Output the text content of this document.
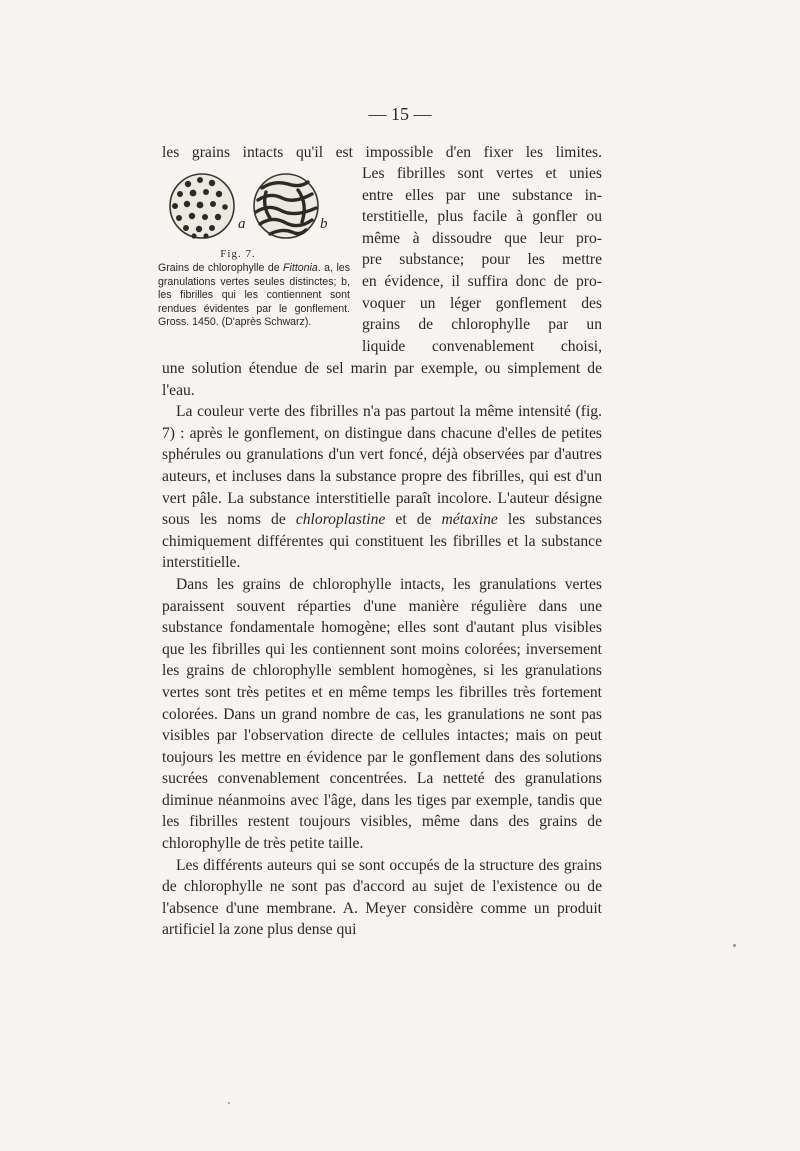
— 15 —
les grains intacts qu'il est impossible d'en fixer les limites.
a	b
Fig. 7.
Grains de chlorophylle de Fittonia. a, les granulations vertes seules distinctes; b, les fibrilles qui les contiennent sont rendues évidentes par le gonflement. Gross. 1450. (D'après Schwarz).
Les fibrilles sont vertes et unies
entre elles par une substance in-
terstitielle, plus facile à gonfler ou
même à dissoudre que leur pro-
pre substance; pour les mettre
en évidence, il suffira donc de pro-
voquer un léger gonflement des
grains de chlorophylle par un
liquide convenablement choisi,

une solution étendue de sel marin par exemple, ou simplement de l'eau.

La couleur verte des fibrilles n'a pas partout la même intensité (fig. 7) : après le gonflement, on distingue dans chacune d'elles de petites sphérules ou granulations d'un vert foncé, déjà observées par d'autres auteurs, et incluses dans la substance propre des fibrilles, qui est d'un vert pâle. La substance interstitielle paraît incolore. L'auteur désigne sous les noms de chloroplastine et de métaxine les substances chimiquement différentes qui constituent les fibrilles et la substance interstitielle.

Dans les grains de chlorophylle intacts, les granulations vertes paraissent souvent réparties d'une manière régulière dans une substance fondamentale homogène; elles sont d'autant plus visibles que les fibrilles qui les contiennent sont moins colorées; inversement les grains de chlorophylle semblent homogènes, si les granulations vertes sont très petites et en même temps les fibrilles très fortement colorées. Dans un grand nombre de cas, les granulations ne sont pas visibles par l'observation directe de cellules intactes; mais on peut toujours les mettre en évidence par le gonflement dans des solutions sucrées convenablement concentrées. La netteté des granulations diminue néanmoins avec l'âge, dans les tiges par exemple, tandis que les fibrilles restent toujours visibles, même dans des grains de chlorophylle de très petite taille.

Les différents auteurs qui se sont occupés de la structure des grains de chlorophylle ne sont pas d'accord au sujet de l'existence ou de l'absence d'une membrane. A. Meyer considère comme un produit artificiel la zone plus dense qui
